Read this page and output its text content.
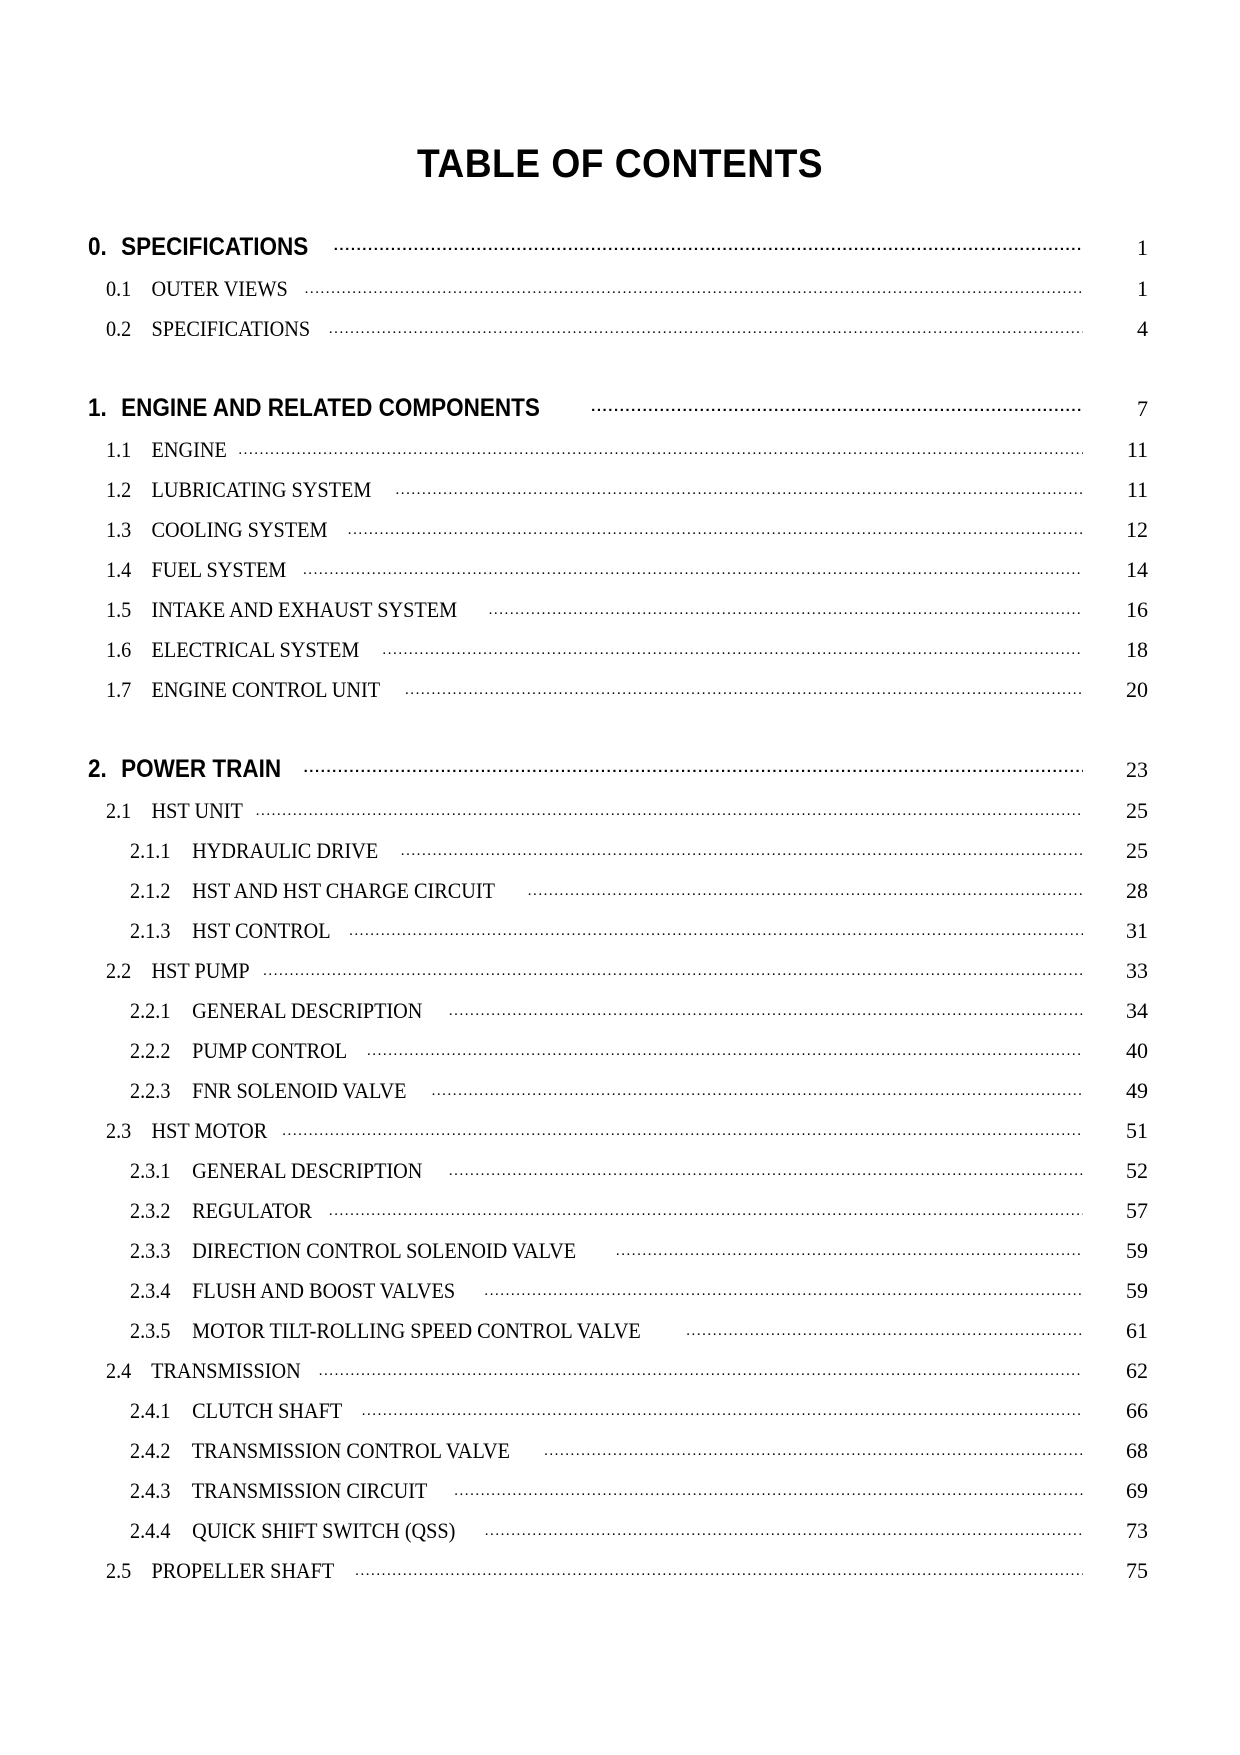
TABLE OF CONTENTS
0. SPECIFICATIONS .....	1
0.1 OUTER VIEWS .....	1
0.2 SPECIFICATIONS .....	4
1. ENGINE AND RELATED COMPONENTS .....	7
1.1 ENGINE .....	11
1.2 LUBRICATING SYSTEM .....	11
1.3 COOLING SYSTEM .....	12
1.4 FUEL SYSTEM .....	14
1.5 INTAKE AND EXHAUST SYSTEM .....	16
1.6 ELECTRICAL SYSTEM .....	18
1.7 ENGINE CONTROL UNIT .....	20
2. POWER TRAIN .....	23
2.1 HST UNIT .....	25
2.1.1 HYDRAULIC DRIVE .....	25
2.1.2 HST AND HST CHARGE CIRCUIT .....	28
2.1.3 HST CONTROL .....	31
2.2 HST PUMP .....	33
2.2.1 GENERAL DESCRIPTION .....	34
2.2.2 PUMP CONTROL .....	40
2.2.3 FNR SOLENOID VALVE .....	49
2.3 HST MOTOR .....	51
2.3.1 GENERAL DESCRIPTION .....	52
2.3.2 REGULATOR .....	57
2.3.3 DIRECTION CONTROL SOLENOID VALVE .....	59
2.3.4 FLUSH AND BOOST VALVES .....	59
2.3.5 MOTOR TILT-ROLLING SPEED CONTROL VALVE .....	61
2.4 TRANSMISSION .....	62
2.4.1 CLUTCH SHAFT .....	66
2.4.2 TRANSMISSION CONTROL VALVE .....	68
2.4.3 TRANSMISSION CIRCUIT .....	69
2.4.4 QUICK SHIFT SWITCH (QSS) .....	73
2.5 PROPELLER SHAFT .....	75
